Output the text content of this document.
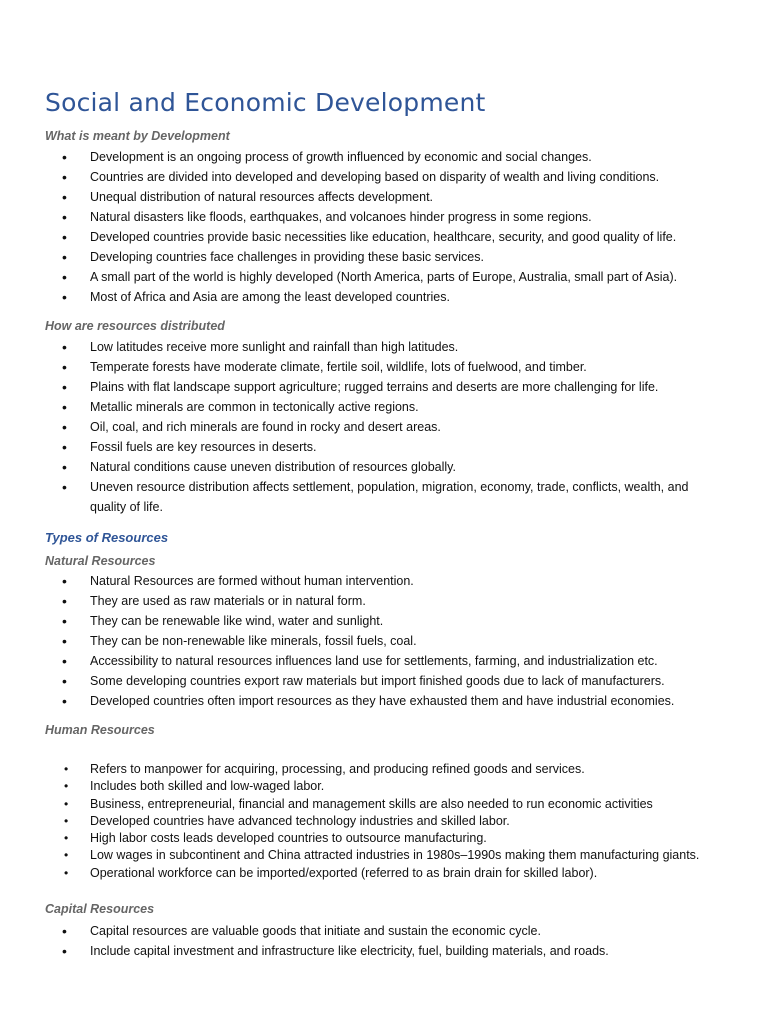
Social and Economic Development
What is meant by Development
• Development is an ongoing process of growth influenced by economic and social changes.
• Countries are divided into developed and developing based on disparity of wealth and living conditions.
• Unequal distribution of natural resources affects development.
• Natural disasters like floods, earthquakes, and volcanoes hinder progress in some regions.
• Developed countries provide basic necessities like education, healthcare, security, and good quality of life.
• Developing countries face challenges in providing these basic services.
• A small part of the world is highly developed (North America, parts of Europe, Australia, small part of Asia).
• Most of Africa and Asia are among the least developed countries.
How are resources distributed
• Low latitudes receive more sunlight and rainfall than high latitudes.
• Temperate forests have moderate climate, fertile soil, wildlife, lots of fuelwood, and timber.
• Plains with flat landscape support agriculture; rugged terrains and deserts are more challenging for life.
• Metallic minerals are common in tectonically active regions.
• Oil, coal, and rich minerals are found in rocky and desert areas.
• Fossil fuels are key resources in deserts.
• Natural conditions cause uneven distribution of resources globally.
• Uneven resource distribution affects settlement, population, migration, economy, trade, conflicts, wealth, and quality of life.
Types of Resources
Natural Resources
• Natural Resources are formed without human intervention.
• They are used as raw materials or in natural form.
• They can be renewable like wind, water and sunlight.
• They can be non-renewable like minerals, fossil fuels, coal.
• Accessibility to natural resources influences land use for settlements, farming, and industrialization etc.
• Some developing countries export raw materials but import finished goods due to lack of manufacturers.
• Developed countries often import resources as they have exhausted them and have industrial economies.
Human Resources
• Refers to manpower for acquiring, processing, and producing refined goods and services.
• Includes both skilled and low-waged labor.
• Business, entrepreneurial, financial and management skills are also needed to run economic activities
• Developed countries have advanced technology industries and skilled labor.
• High labor costs leads developed countries to outsource manufacturing.
• Low wages in subcontinent and China attracted industries in 1980s–1990s making them manufacturing giants.
• Operational workforce can be imported/exported (referred to as brain drain for skilled labor).
Capital Resources
• Capital resources are valuable goods that initiate and sustain the economic cycle.
• Include capital investment and infrastructure like electricity, fuel, building materials, and roads.
